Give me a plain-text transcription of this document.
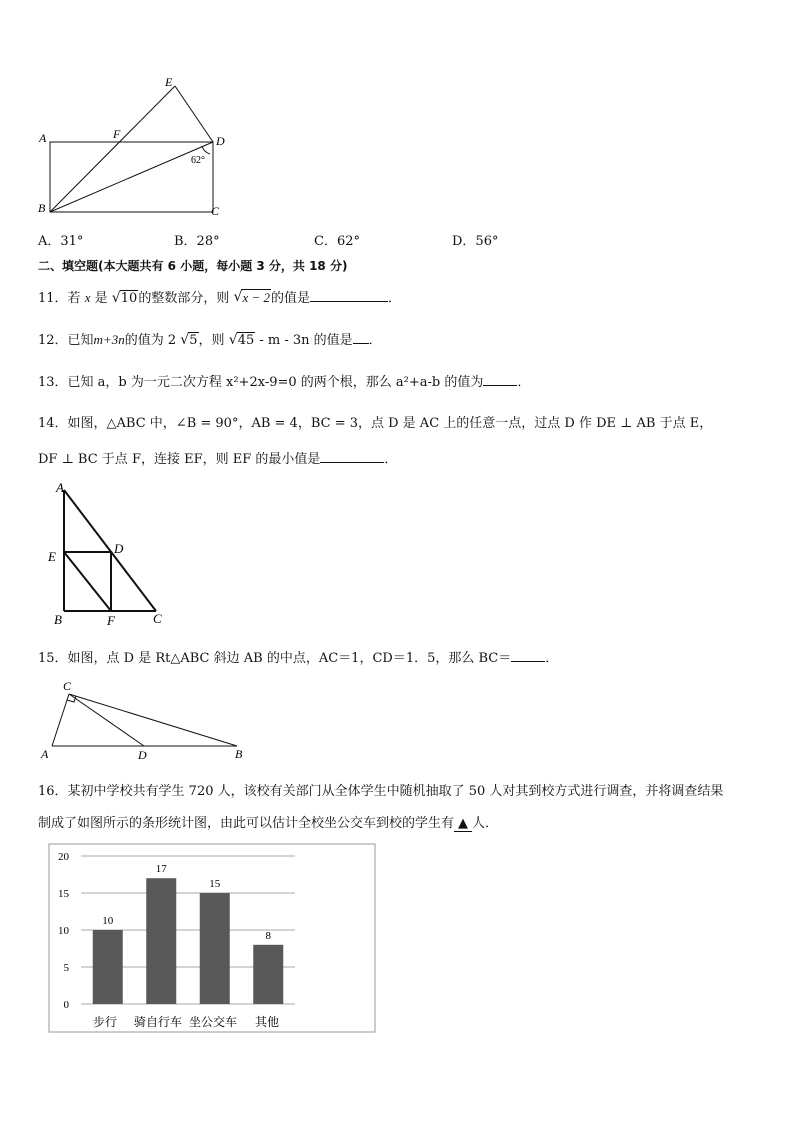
A
B	C
D
E
F
62°
A．31°	B．28°	C．62°	D．56°
二、填空题(本大题共有 6 小题，每小题 3 分，共 18 分)
11．若 x 是 √ 10的整数部分，则 √ x − 2的值是	．
12．已知m+3n的值为 2 √ 5，则 √ 45 - m - 3n 的值是 ．
13．已知 a，b 为一元二次方程 x²+2x-9=0 的两个根，那么 a²+a-b 的值为	．
14．如图，△ABC 中，∠B = 90°，AB = 4，BC = 3，点 D 是 AC 上的任意一点，过点 D 作 DE ⊥ AB 于点 E，
DF ⊥ BC 于点 F，连接 EF，则 EF 的最小值是	．
A
B	C
D
E
F
15．如图，点 D 是 Rt△ABC 斜边 AB 的中点，AC＝1，CD＝1．5，那么 BC＝	．
A	B
C
D
16．某初中学校共有学生 720 人，该校有关部门从全体学生中随机抽取了 50 人对其到校方式进行调查，并将调查结果
制成了如图所示的条形统计图，由此可以估计全校坐公交车到校的学生有 ▲ 人．
0
5
10
15
20
10
17
15
8
步行 骑自行车 坐公交车 其他
